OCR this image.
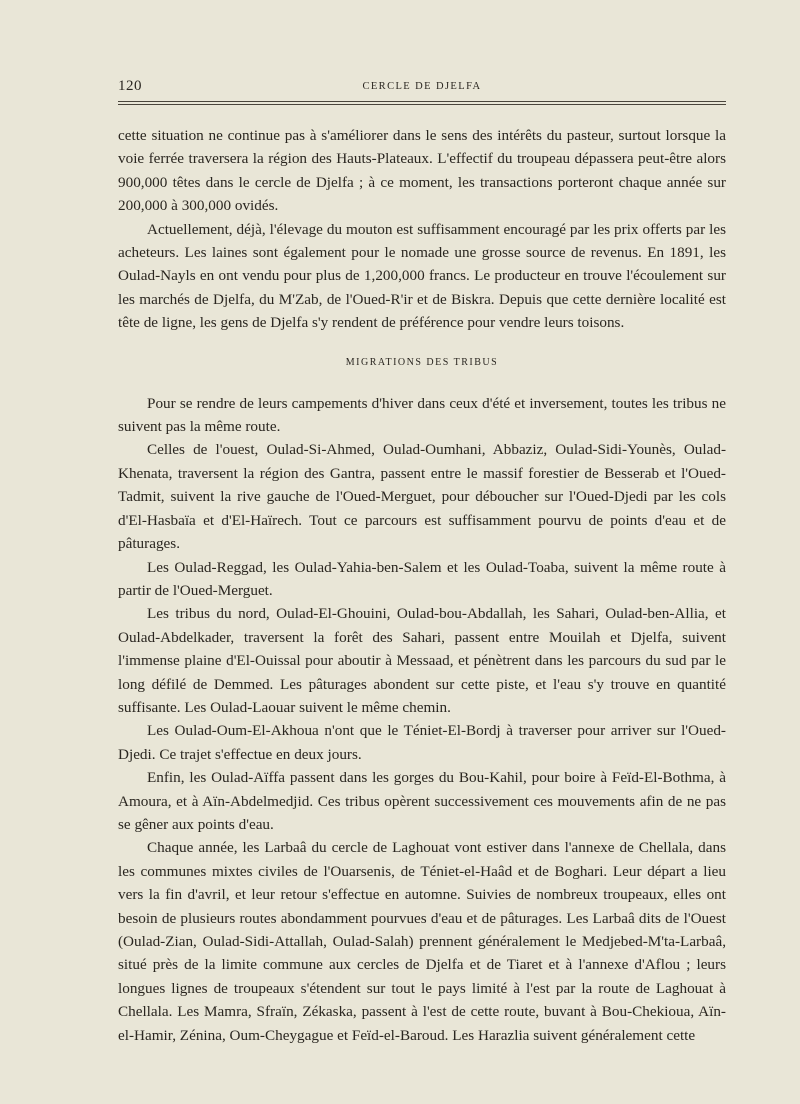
120	CERCLE DE DJELFA

cette situation ne continue pas à s'améliorer dans le sens des intérêts du pasteur, surtout lorsque la voie ferrée traversera la région des Hauts-Plateaux. L'effectif du troupeau dépassera peut-être alors 900,000 têtes dans le cercle de Djelfa ; à ce moment, les transactions porteront chaque année sur 200,000 à 300,000 ovidés.

Actuellement, déjà, l'élevage du mouton est suffisamment encouragé par les prix offerts par les acheteurs. Les laines sont également pour le nomade une grosse source de revenus. En 1891, les Oulad-Nayls en ont vendu pour plus de 1,200,000 francs. Le producteur en trouve l'écoulement sur les marchés de Djelfa, du M'Zab, de l'Oued-R'ir et de Biskra. Depuis que cette dernière localité est tête de ligne, les gens de Djelfa s'y rendent de préférence pour vendre leurs toisons.

MIGRATIONS DES TRIBUS

Pour se rendre de leurs campements d'hiver dans ceux d'été et inversement, toutes les tribus ne suivent pas la même route.

Celles de l'ouest, Oulad-Si-Ahmed, Oulad-Oumhani, Abbaziz, Oulad-Sidi-Younès, Oulad-Khenata, traversent la région des Gantra, passent entre le massif forestier de Besserab et l'Oued-Tadmit, suivent la rive gauche de l'Oued-Merguet, pour déboucher sur l'Oued-Djedi par les cols d'El-Hasbaïa et d'El-Haïrech. Tout ce parcours est suffisamment pourvu de points d'eau et de pâturages.

Les Oulad-Reggad, les Oulad-Yahia-ben-Salem et les Oulad-Toaba, suivent la même route à partir de l'Oued-Merguet.

Les tribus du nord, Oulad-El-Ghouini, Oulad-bou-Abdallah, les Sahari, Oulad-ben-Allia, et Oulad-Abdelkader, traversent la forêt des Sahari, passent entre Mouilah et Djelfa, suivent l'immense plaine d'El-Ouissal pour aboutir à Messaad, et pénètrent dans les parcours du sud par le long défilé de Demmed. Les pâturages abondent sur cette piste, et l'eau s'y trouve en quantité suffisante. Les Oulad-Laouar suivent le même chemin.

Les Oulad-Oum-El-Akhoua n'ont que le Téniet-El-Bordj à traverser pour arriver sur l'Oued-Djedi. Ce trajet s'effectue en deux jours.

Enfin, les Oulad-Aïffa passent dans les gorges du Bou-Kahil, pour boire à Feïd-El-Bothma, à Amoura, et à Aïn-Abdelmedjid. Ces tribus opèrent successivement ces mouvements afin de ne pas se gêner aux points d'eau.

Chaque année, les Larbaâ du cercle de Laghouat vont estiver dans l'annexe de Chellala, dans les communes mixtes civiles de l'Ouarsenis, de Téniet-el-Haâd et de Boghari. Leur départ a lieu vers la fin d'avril, et leur retour s'effectue en automne. Suivies de nombreux troupeaux, elles ont besoin de plusieurs routes abondamment pourvues d'eau et de pâturages. Les Larbaâ dits de l'Ouest (Oulad-Zian, Oulad-Sidi-Attallah, Oulad-Salah) prennent généralement le Medjebed-M'ta-Larbaâ, situé près de la limite commune aux cercles de Djelfa et de Tiaret et à l'annexe d'Aflou ; leurs longues lignes de troupeaux s'étendent sur tout le pays limité à l'est par la route de Laghouat à Chellala. Les Mamra, Sfraïn, Zékaska, passent à l'est de cette route, buvant à Bou-Chekioua, Aïn-el-Hamir, Zénina, Oum-Cheygague et Feïd-el-Baroud. Les Harazlia suivent généralement cette
